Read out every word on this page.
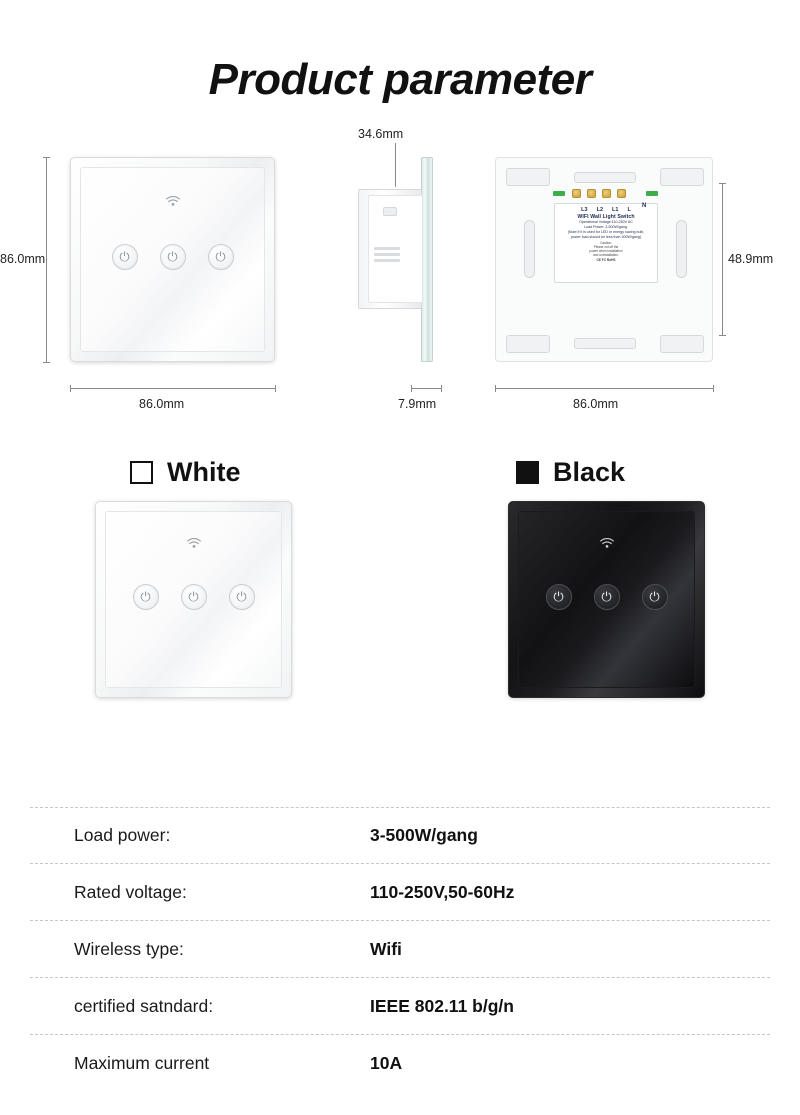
Product parameter
⏻	⏻	⏻
86.0mm
86.0mm
34.6mm
7.9mm
L3 L2 L1 L
WIFI Wall Light Switch
Operational Voltage:110-250V AC
Load Power: 3-500W/gang.
(Note:If it is used for LED or energy saving bulb,
power load should be less than 300W/gang)
Caution:
Please cut off the
power when installation
and uninstallation.
CE FC RoHS
N
48.9mm
86.0mm
White
⏻	⏻	⏻
Black
⏻	⏻	⏻
Load power:	3-500W/gang
Rated voltage:	110-250V,50-60Hz
Wireless type:	Wifi
certified satndard:	IEEE 802.11 b/g/n
Maximum current	10A
